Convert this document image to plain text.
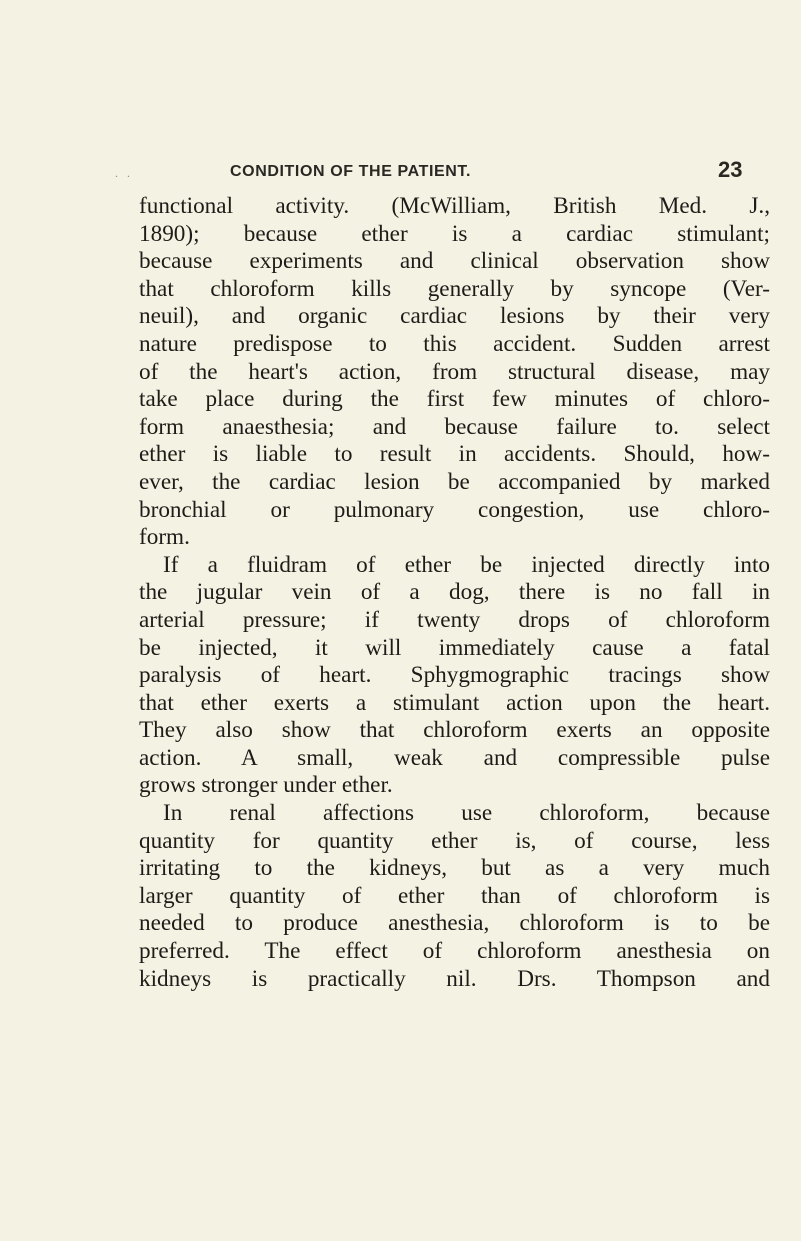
. .	CONDITION OF THE PATIENT.	23
functional activity. (McWilliam, British Med. J.,
1890); because ether is a cardiac stimulant;
because experiments and clinical observation show
that chloroform kills generally by syncope (Ver-
neuil), and organic cardiac lesions by their very
nature predispose to this accident. Sudden arrest
of the heart's action, from structural disease, may
take place during the first few minutes of chloro-
form anaesthesia; and because failure to. select
ether is liable to result in accidents. Should, how-
ever, the cardiac lesion be accompanied by marked
bronchial or pulmonary congestion, use chloro-
form.
If a fluidram of ether be injected directly into
the jugular vein of a dog, there is no fall in
arterial pressure; if twenty drops of chloroform
be injected, it will immediately cause a fatal
paralysis of heart. Sphygmographic tracings show
that ether exerts a stimulant action upon the heart.
They also show that chloroform exerts an opposite
action. A small, weak and compressible pulse
grows stronger under ether.
In renal affections use chloroform, because
quantity for quantity ether is, of course, less
irritating to the kidneys, but as a very much
larger quantity of ether than of chloroform is
needed to produce anesthesia, chloroform is to be
preferred. The effect of chloroform anesthesia on
kidneys is practically nil. Drs. Thompson and
